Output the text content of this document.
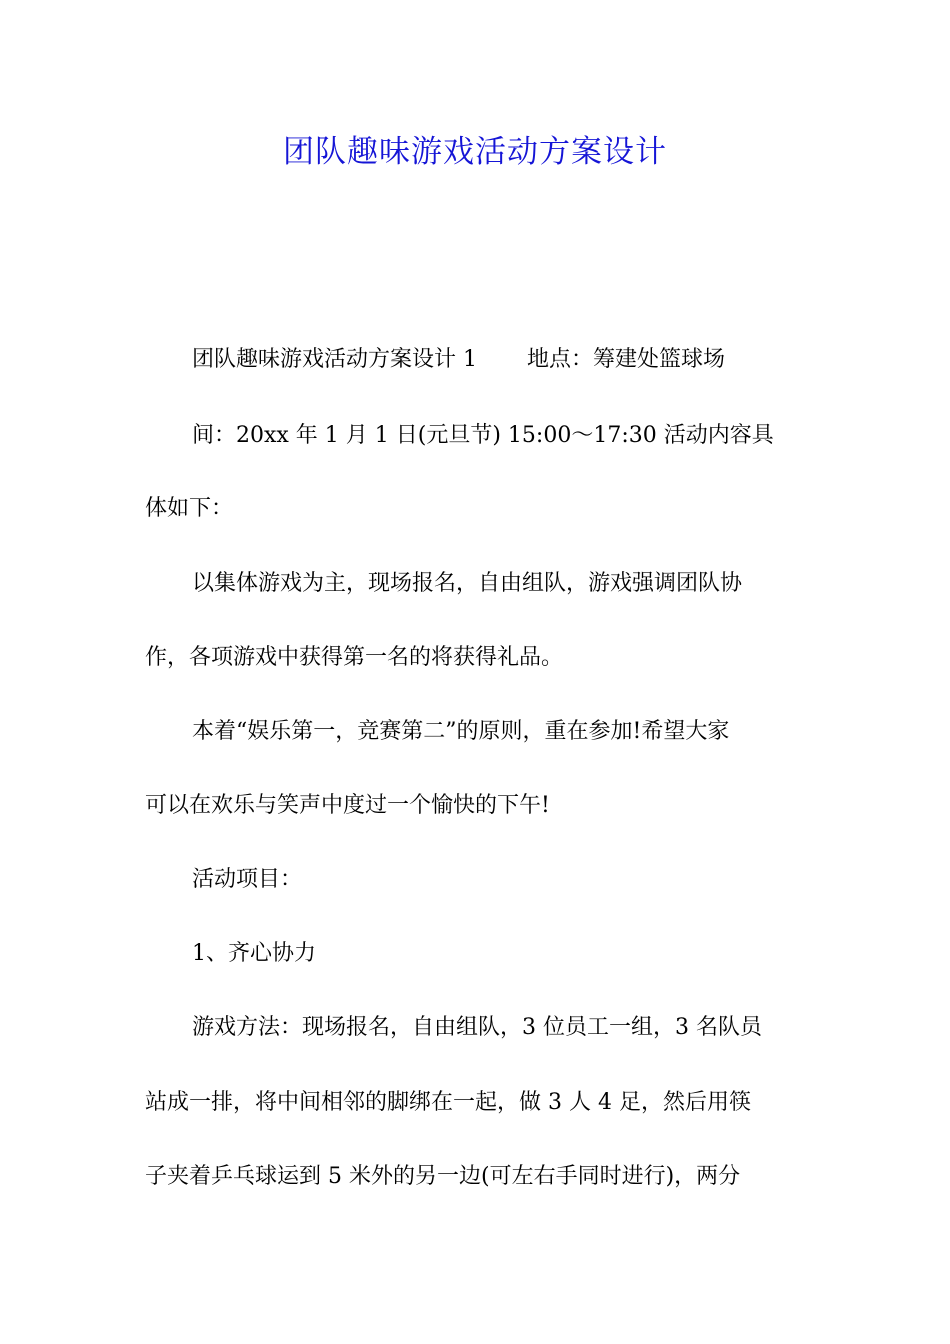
团队趣味游戏活动方案设计
团队趣味游戏活动方案设计 1 地点：筹建处篮球场
间：20xx 年 1 月 1 日(元旦节) 15:00～17:30 活动内容具
体如下：
以集体游戏为主，现场报名，自由组队，游戏强调团队协
作，各项游戏中获得第一名的将获得礼品。
本着“娱乐第一，竞赛第二”的原则，重在参加!希望大家
可以在欢乐与笑声中度过一个愉快的下午!
活动项目：
1、齐心协力
游戏方法：现场报名，自由组队，3 位员工一组，3 名队员
站成一排，将中间相邻的脚绑在一起，做 3 人 4 足，然后用筷
子夹着乒乓球运到 5 米外的另一边(可左右手同时进行)，两分
